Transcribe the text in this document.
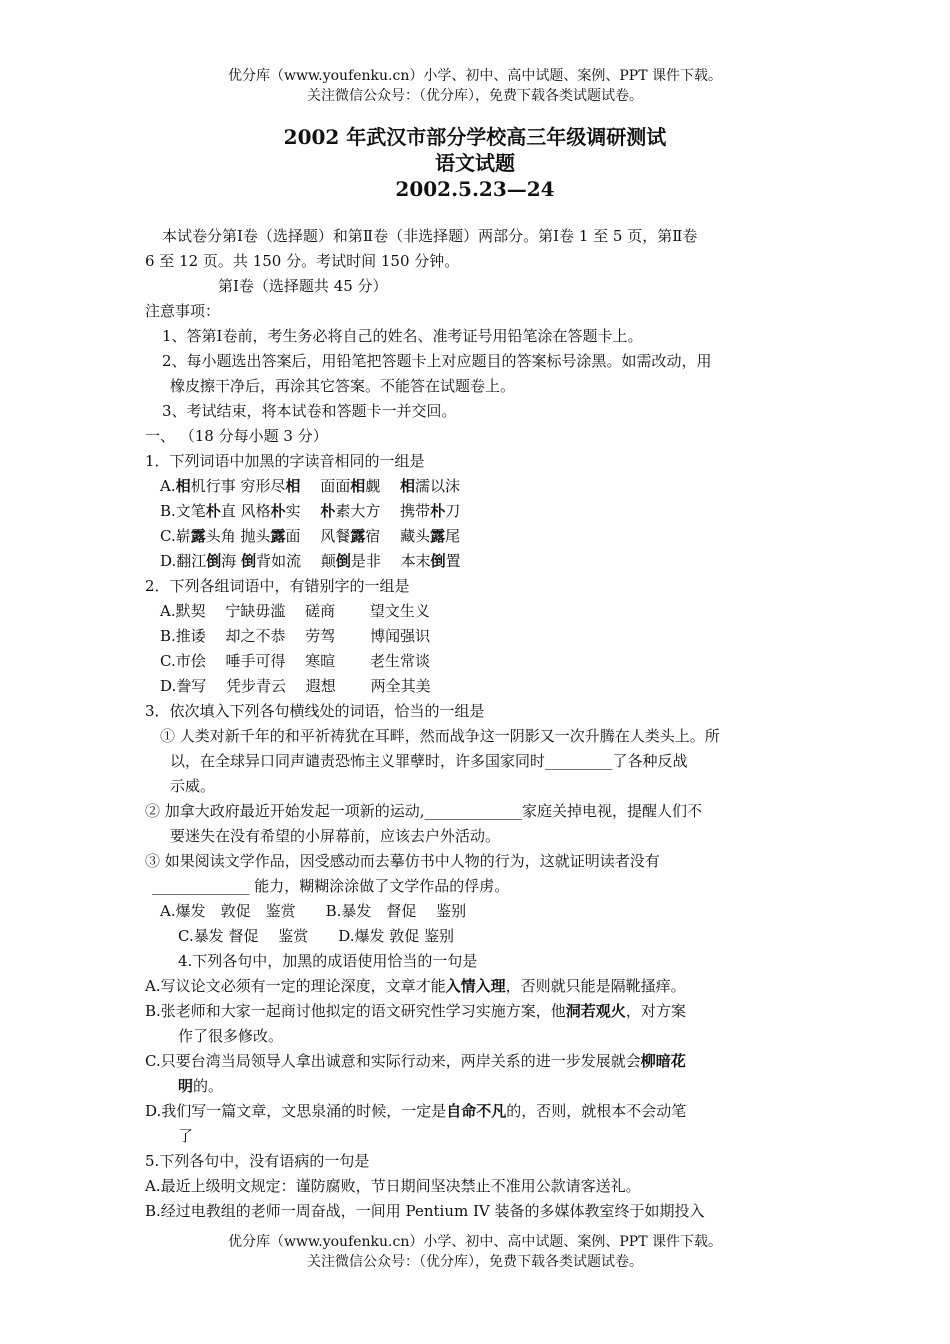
优分库（www.youfenku.cn）小学、初中、高中试题、案例、PPT 课件下载。
关注微信公众号：（优分库），免费下载各类试题试卷。
2002 年武汉市部分学校高三年级调研测试
语文试题
2002.5.23—24
本试卷分第Ⅰ卷（选择题）和第Ⅱ卷（非选择题）两部分。第Ⅰ卷 1 至 5 页，第Ⅱ卷
6 至 12 页。共 150 分。考试时间 150 分钟。
第Ⅰ卷（选择题共 45 分）
注意事项：
1、答第Ⅰ卷前，考生务必将自己的姓名、准考证号用铅笔涂在答题卡上。
2、每小题选出答案后，用铅笔把答题卡上对应题目的答案标号涂黑。如需改动，用
橡皮擦干净后，再涂其它答案。不能答在试题卷上。
3、考试结束，将本试卷和答题卡一并交回。
一、 （18 分每小题 3 分）
1．下列词语中加黑的字读音相同的一组是
A.相机行事 穷形尽相　 面面相觑　 相濡以沫
B.文笔朴直 风格朴实　 朴素大方　 携带朴刀
C.崭露头角 抛头露面　 风餐露宿　 藏头露尾
D.翻江倒海 倒背如流　 颠倒是非　 本末倒置
2．下列各组词语中，有错别字的一组是
A.默契　 宁缺毋滥　 磋商　　 望文生义
B.推诿　 却之不恭　 劳驾　　 博闻强识
C.市侩　 唾手可得　 寒暄　　 老生常谈
D.誊写　 凭步青云　 遐想　　 两全其美
3．依次填入下列各句横线处的词语，恰当的一组是
① 人类对新千年的和平祈祷犹在耳畔，然而战争这一阴影又一次升腾在人类头上。所
以，在全球异口同声谴责恐怖主义罪孽时，许多国家同时_________了各种反战
示威。
② 加拿大政府最近开始发起一项新的运动,_____________家庭关掉电视，提醒人们不
要迷失在没有希望的小屏幕前，应该去户外活动。
③ 如果阅读文学作品，因受感动而去摹仿书中人物的行为，这就证明读者没有
_____________ 能力，糊糊涂涂做了文学作品的俘虏。
A.爆发　敦促　鉴赏　　B.暴发　督促　 鉴别
C.暴发 督促　 鉴赏　　D.爆发 敦促 鉴别
4.下列各句中，加黑的成语使用恰当的一句是
A.写议论文必须有一定的理论深度，文章才能入情入理，否则就只能是隔靴搔痒。
B.张老师和大家一起商讨他拟定的语文研究性学习实施方案，他洞若观火，对方案
作了很多修改。
C.只要台湾当局领导人拿出诚意和实际行动来，两岸关系的进一步发展就会柳暗花
明的。
D.我们写一篇文章，文思泉涌的时候，一定是自命不凡的，否则，就根本不会动笔
了
5.下列各句中，没有语病的一句是
A.最近上级明文规定：谨防腐败，节日期间坚决禁止不准用公款请客送礼。
B.经过电教组的老师一周奋战，一间用 Pentium IV 装备的多媒体教室终于如期投入
优分库（www.youfenku.cn）小学、初中、高中试题、案例、PPT 课件下载。
关注微信公众号：（优分库），免费下载各类试题试卷。
